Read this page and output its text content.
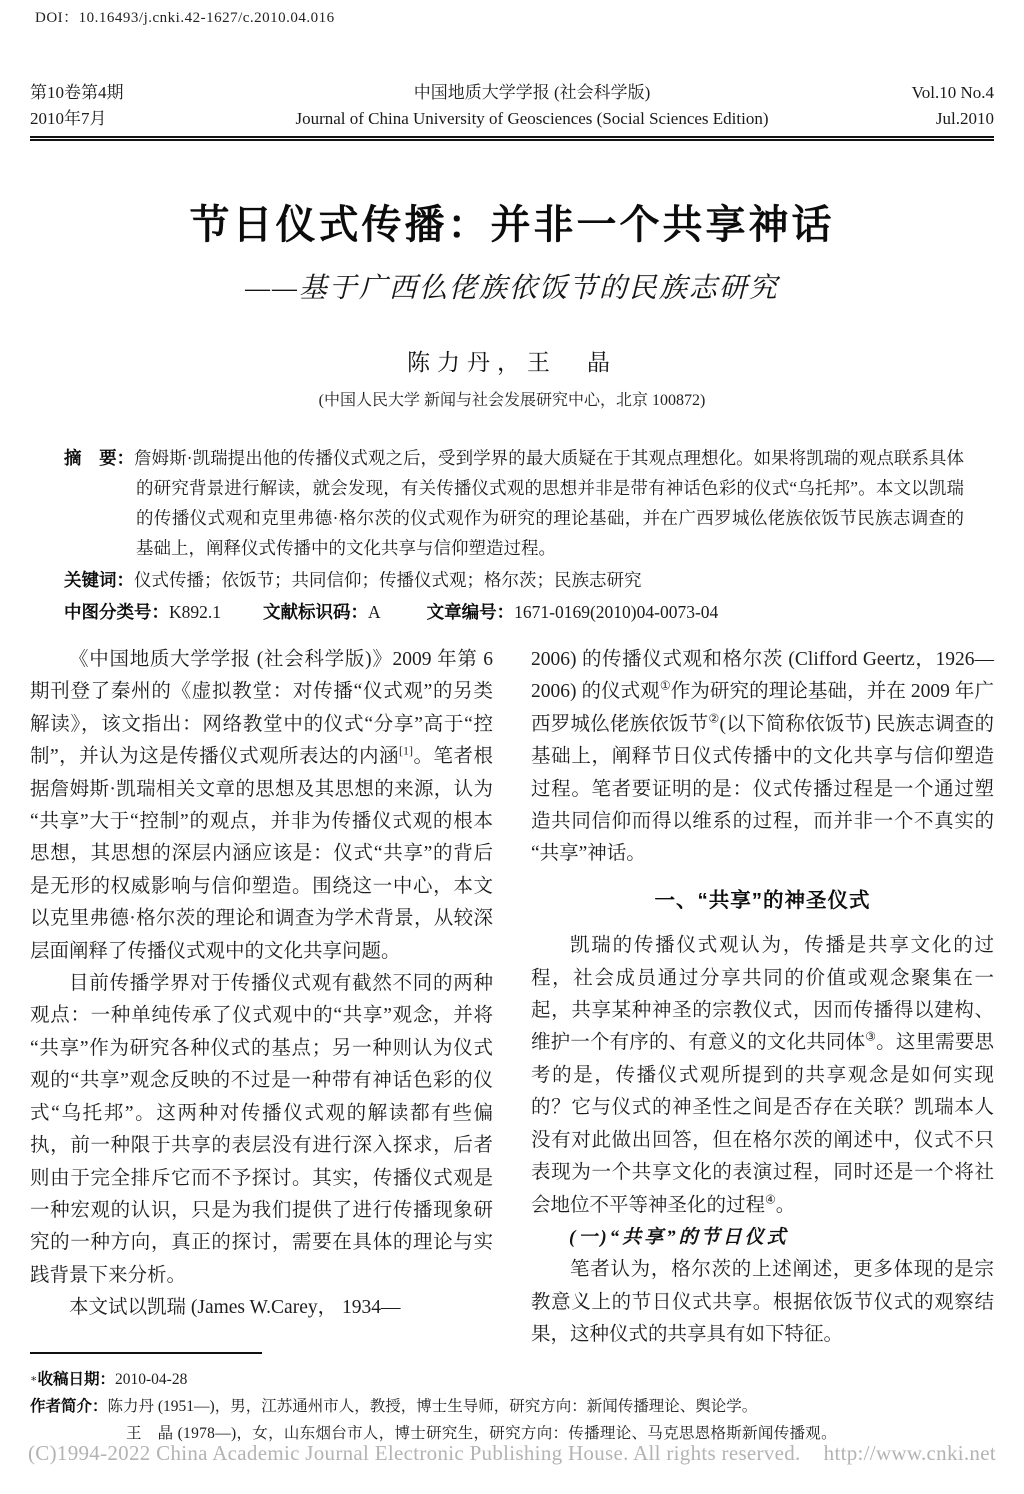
DOI：10.16493/j.cnki.42-1627/c.2010.04.016
第10卷第4期	中国地质大学学报 (社会科学版)	Vol.10 No.4
2010年7月	Journal of China University of Geosciences (Social Sciences Edition)	Jul.2010
节日仪式传播：并非一个共享神话
——基于广西仫佬族依饭节的民族志研究
陈力丹，王　晶
(中国人民大学 新闻与社会发展研究中心，北京 100872)
摘　要：詹姆斯·凯瑞提出他的传播仪式观之后，受到学界的最大质疑在于其观点理想化。如果将凯瑞的观点联系具体的研究背景进行解读，就会发现，有关传播仪式观的思想并非是带有神话色彩的仪式“乌托邦”。本文以凯瑞的传播仪式观和克里弗德·格尔茨的仪式观作为研究的理论基础，并在广西罗城仫佬族依饭节民族志调查的基础上，阐释仪式传播中的文化共享与信仰塑造过程。
关键词：仪式传播；依饭节；共同信仰；传播仪式观；格尔茨；民族志研究
中图分类号：K892.1 文献标识码：A	文章编号：1671-0169(2010)04-0073-04

《中国地质大学学报 (社会科学版)》2009 年第 6 期刊登了秦州的《虚拟教堂：对传播“仪式观”的另类解读》，该文指出：网络教堂中的仪式“分享”高于“控制”，并认为这是传播仪式观所表达的内涵[1]。笔者根据詹姆斯·凯瑞相关文章的思想及其思想的来源，认为“共享”大于“控制”的观点，并非为传播仪式观的根本思想，其思想的深层内涵应该是：仪式“共享”的背后是无形的权威影响与信仰塑造。围绕这一中心，本文以克里弗德·格尔茨的理论和调查为学术背景，从较深层面阐释了传播仪式观中的文化共享问题。

目前传播学界对于传播仪式观有截然不同的两种观点：一种单纯传承了仪式观中的“共享”观念，并将“共享”作为研究各种仪式的基点；另一种则认为仪式观的“共享”观念反映的不过是一种带有神话色彩的仪式“乌托邦”。这两种对传播仪式观的解读都有些偏执，前一种限于共享的表层没有进行深入探求，后者则由于完全排斥它而不予探讨。其实，传播仪式观是一种宏观的认识，只是为我们提供了进行传播现象研究的一种方向，真正的探讨，需要在具体的理论与实践背景下来分析。

本文试以凯瑞 (James W.Carey， 1934—

2006) 的传播仪式观和格尔茨 (Clifford Geertz，1926—2006) 的仪式观①作为研究的理论基础，并在 2009 年广西罗城仫佬族依饭节②(以下简称依饭节) 民族志调查的基础上，阐释节日仪式传播中的文化共享与信仰塑造过程。笔者要证明的是：仪式传播过程是一个通过塑造共同信仰而得以维系的过程，而并非一个不真实的“共享”神话。

一、“共享”的神圣仪式

凯瑞的传播仪式观认为，传播是共享文化的过程，社会成员通过分享共同的价值或观念聚集在一起，共享某种神圣的宗教仪式，因而传播得以建构、维护一个有序的、有意义的文化共同体③。这里需要思考的是，传播仪式观所提到的共享观念是如何实现的？它与仪式的神圣性之间是否存在关联？凯瑞本人没有对此做出回答，但在格尔茨的阐述中，仪式不只表现为一个共享文化的表演过程，同时还是一个将社会地位不平等神圣化的过程④。

(一)“共享”的节日仪式

笔者认为，格尔茨的上述阐述，更多体现的是宗教意义上的节日仪式共享。根据依饭节仪式的观察结果，这种仪式的共享具有如下特征。

∗收稿日期：2010-04-28
作者简介：陈力丹 (1951—)，男，江苏通州市人，教授，博士生导师，研究方向：新闻传播理论、舆论学。
王　晶 (1978—)，女，山东烟台市人，博士研究生，研究方向：传播理论、马克思恩格斯新闻传播观。
(C)1994-2022 China Academic Journal Electronic Publishing House. All rights reserved. http://www.cnki.net
